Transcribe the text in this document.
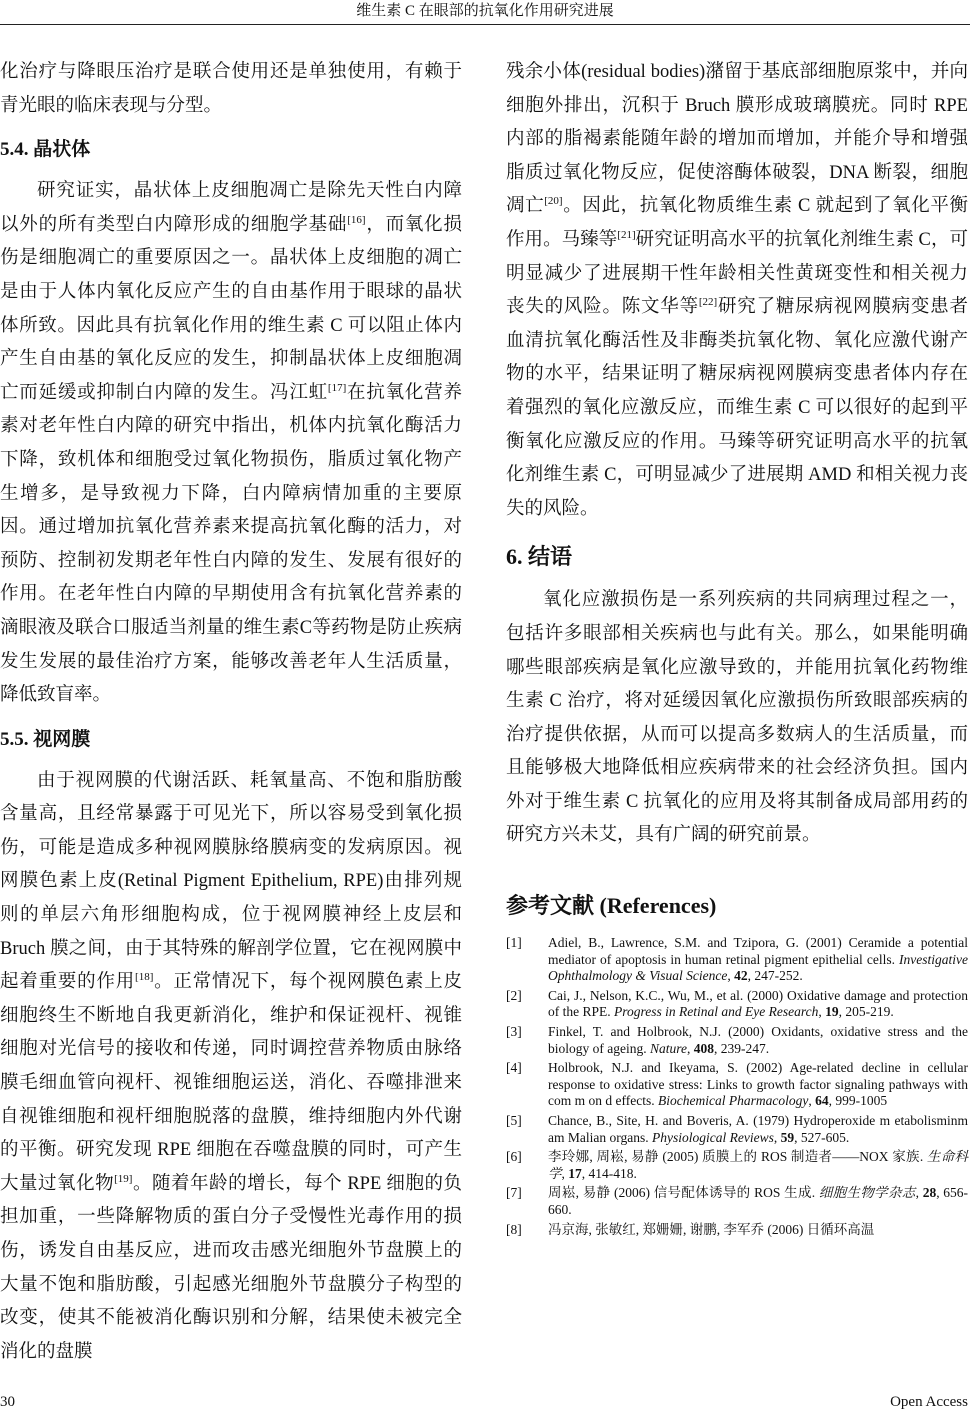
维生素 C 在眼部的抗氧化作用研究进展

化治疗与降眼压治疗是联合使用还是单独使用，有赖于青光眼的临床表现与分型。

5.4. 晶状体

研究证实，晶状体上皮细胞凋亡是除先天性白内障以外的所有类型白内障形成的细胞学基础[16]，而氧化损伤是细胞凋亡的重要原因之一。晶状体上皮细胞的凋亡是由于人体内氧化反应产生的自由基作用于眼球的晶状体所致。因此具有抗氧化作用的维生素 C 可以阻止体内产生自由基的氧化反应的发生，抑制晶状体上皮细胞凋亡而延缓或抑制白内障的发生。冯江虹[17]在抗氧化营养素对老年性白内障的研究中指出，机体内抗氧化酶活力下降，致机体和细胞受过氧化物损伤，脂质过氧化物产生增多，是导致视力下降，白内障病情加重的主要原因。通过增加抗氧化营养素来提高抗氧化酶的活力，对预防、控制初发期老年性白内障的发生、发展有很好的作用。在老年性白内障的早期使用含有抗氧化营养素的滴眼液及联合口服适当剂量的维生素C等药物是防止疾病发生发展的最佳治疗方案，能够改善老年人生活质量，降低致盲率。

5.5. 视网膜

由于视网膜的代谢活跃、耗氧量高、不饱和脂肪酸含量高，且经常暴露于可见光下，所以容易受到氧化损伤，可能是造成多种视网膜脉络膜病变的发病原因。视网膜色素上皮(Retinal Pigment Epithelium, RPE)由排列规则的单层六角形细胞构成，位于视网膜神经上皮层和 Bruch 膜之间，由于其特殊的解剖学位置，它在视网膜中起着重要的作用[18]。正常情况下，每个视网膜色素上皮细胞终生不断地自我更新消化，维护和保证视杆、视锥细胞对光信号的接收和传递，同时调控营养物质由脉络膜毛细血管向视杆、视锥细胞运送，消化、吞噬排泄来自视锥细胞和视杆细胞脱落的盘膜，维持细胞内外代谢的平衡。研究发现 RPE 细胞在吞噬盘膜的同时，可产生大量过氧化物[19]。随着年龄的增长，每个 RPE 细胞的负担加重，一些降解物质的蛋白分子受慢性光毒作用的损伤，诱发自由基反应，进而攻击感光细胞外节盘膜上的大量不饱和脂肪酸，引起感光细胞外节盘膜分子构型的改变，使其不能被消化酶识别和分解，结果使未被完全消化的盘膜

残余小体(residual bodies)潴留于基底部细胞原浆中，并向细胞外排出，沉积于 Bruch 膜形成玻璃膜疣。同时 RPE 内部的脂褐素能随年龄的增加而增加，并能介导和增强脂质过氧化物反应，促使溶酶体破裂，DNA 断裂，细胞凋亡[20]。因此，抗氧化物质维生素 C 就起到了氧化平衡作用。马臻等[21]研究证明高水平的抗氧化剂维生素 C，可明显减少了进展期干性年龄相关性黄斑变性和相关视力丧失的风险。陈文华等[22]研究了糖尿病视网膜病变患者血清抗氧化酶活性及非酶类抗氧化物、氧化应激代谢产物的水平，结果证明了糖尿病视网膜病变患者体内存在着强烈的氧化应激反应，而维生素 C 可以很好的起到平衡氧化应激反应的作用。马臻等研究证明高水平的抗氧化剂维生素 C，可明显减少了进展期 AMD 和相关视力丧失的风险。

6. 结语

氧化应激损伤是一系列疾病的共同病理过程之一，包括许多眼部相关疾病也与此有关。那么，如果能明确哪些眼部疾病是氧化应激导致的，并能用抗氧化药物维生素 C 治疗，将对延缓因氧化应激损伤所致眼部疾病的治疗提供依据，从而可以提高多数病人的生活质量，而且能够极大地降低相应疾病带来的社会经济负担。国内外对于维生素 C 抗氧化的应用及将其制备成局部用药的研究方兴未艾，具有广阔的研究前景。

参考文献 (References)
[1]	Adiel, B., Lawrence, S.M. and Tzipora, G. (2001) Ceramide a potential mediator of apoptosis in human retinal pigment epithelial cells. Investigative Ophthalmology & Visual Science, 42, 247-252.
[2]	Cai, J., Nelson, K.C., Wu, M., et al. (2000) Oxidative damage and protection of the RPE. Progress in Retinal and Eye Research, 19, 205-219.
[3]	Finkel, T. and Holbrook, N.J. (2000) Oxidants, oxidative stress and the biology of ageing. Nature, 408, 239-247.
[4]	Holbrook, N.J. and Ikeyama, S. (2002) Age-related decline in cellular response to oxidative stress: Links to growth factor signaling pathways with com m on d effects. Biochemical Pharmacology, 64, 999-1005
[5]	Chance, B., Site, H. and Boveris, A. (1979) Hydroperoxide m etabolisminm am Malian organs. Physiological Reviews, 59, 527-605.
[6]	李玲娜, 周崧, 易静 (2005) 质膜上的 ROS 制造者——NOX 家族. 生命科学, 17, 414-418.
[7]	周崧, 易静 (2006) 信号配体诱导的 ROS 生成. 细胞生物学杂志, 28, 656-660.
[8]	冯京海, 张敏红, 郑姗姗, 谢鹏, 李军乔 (2006) 日循环高温
30	Open Access
